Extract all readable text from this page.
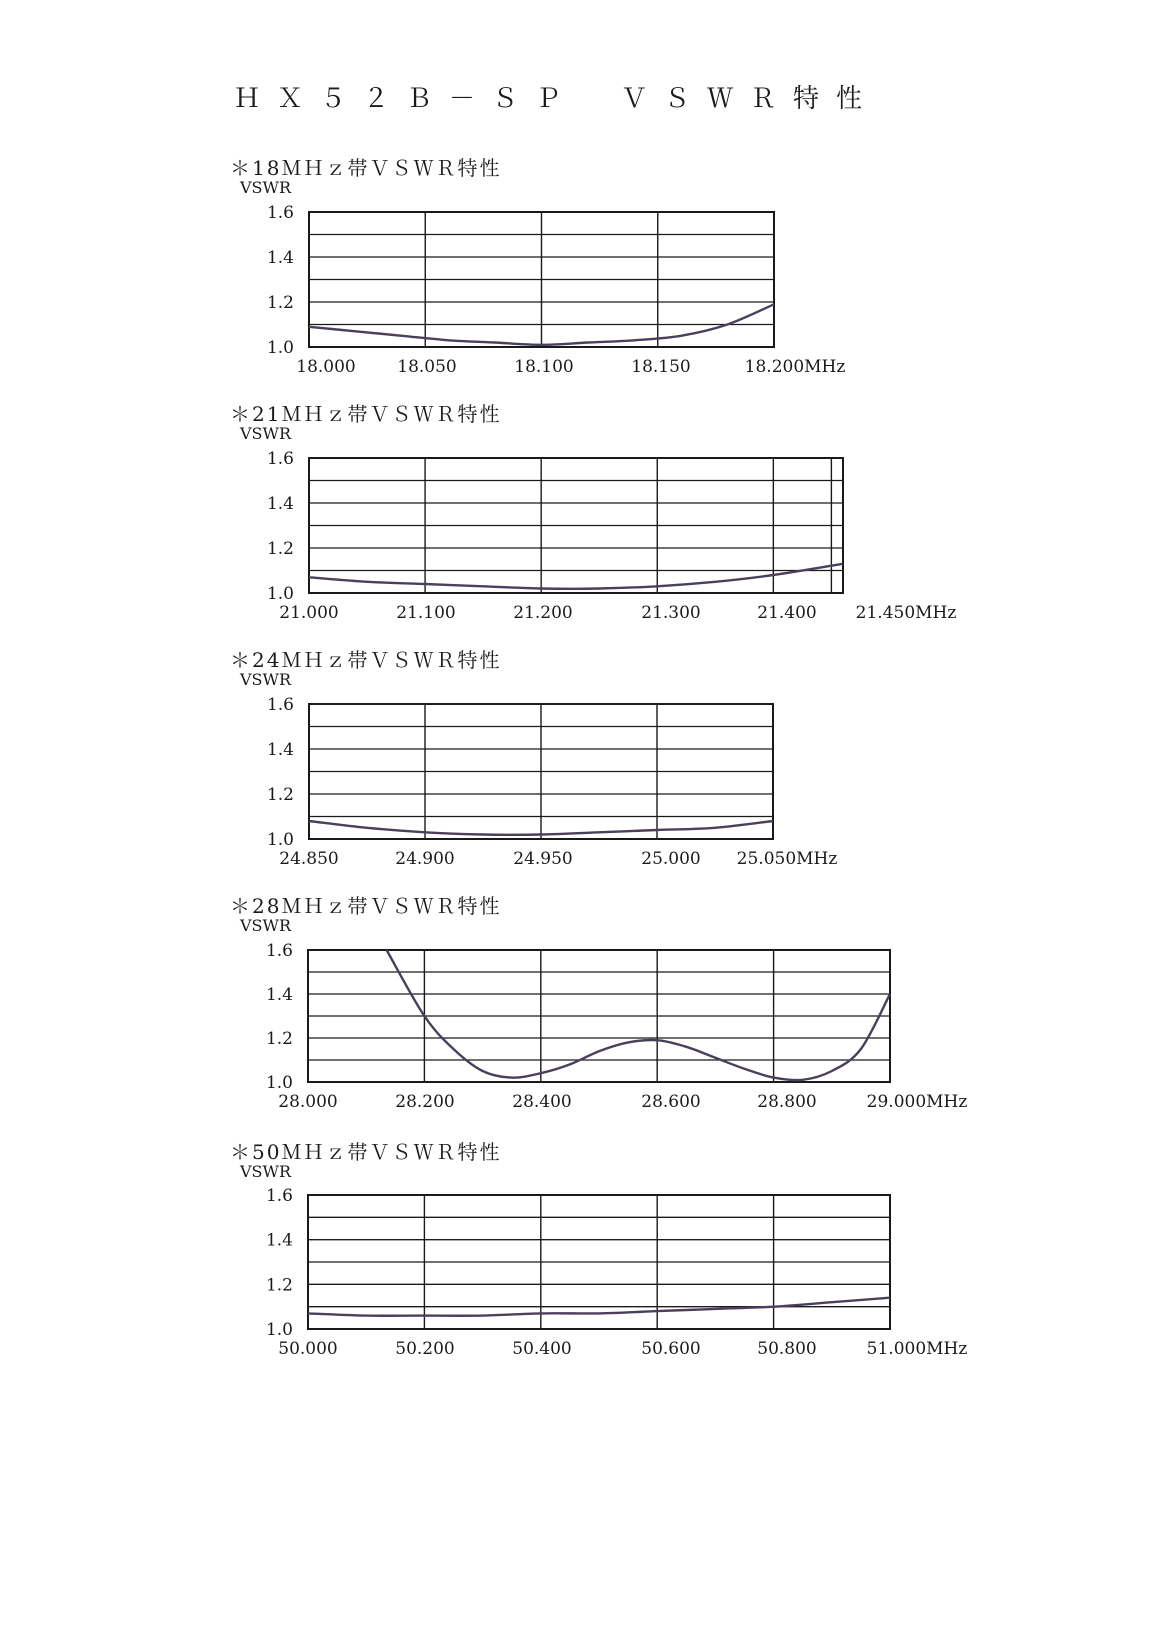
ＨＸ５２Ｂ－ＳＰ　ＶＳＷＲ特性
＊18ＭＨｚ帯ＶＳＷＲ特性
VSWR
1.6
1.4
1.2
1.0
18.000 18.050	18.100	18.150	18.200MHz
＊21ＭＨｚ帯ＶＳＷＲ特性
VSWR
1.6
1.4
1.2
1.0
21.000	21.100	21.200	21.300	21.400 21.450MHz
＊24ＭＨｚ帯ＶＳＷＲ特性
VSWR
1.6
1.4
1.2
1.0
24.850	24.900	24.950	25.000 25.050MHz
＊28ＭＨｚ帯ＶＳＷＲ特性
VSWR
1.6
1.4
1.2
1.0
28.000	28.200	28.400	28.600	28.800	29.000MHz
＊50ＭＨｚ帯ＶＳＷＲ特性
VSWR
1.6
1.4
1.2
1.0
50.000	50.200	50.400	50.600	50.800	51.000MHz
